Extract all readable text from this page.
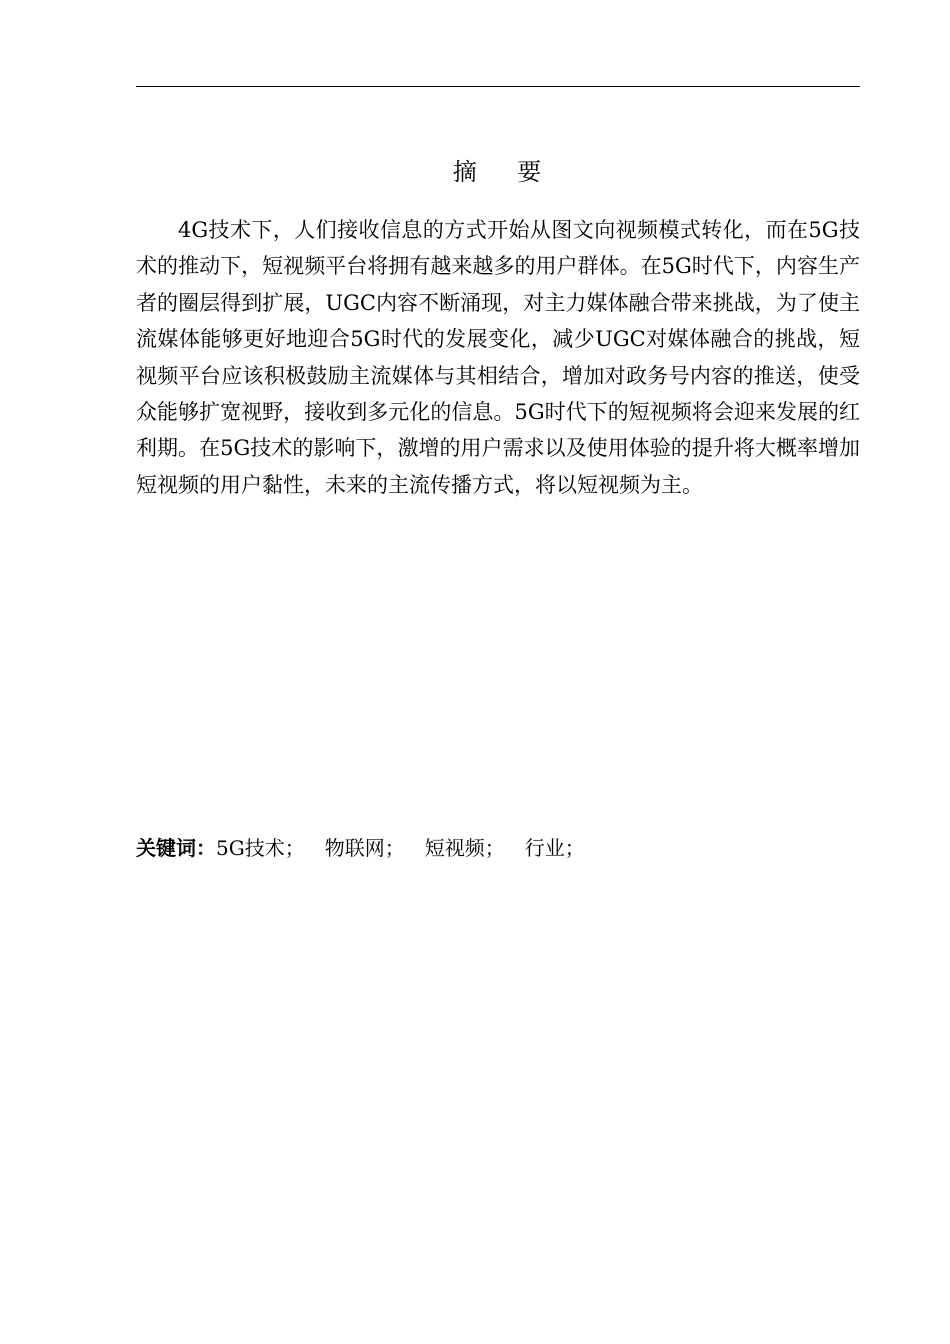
摘    要

4G技术下，人们接收信息的方式开始从图文向视频模式转化，而在5G技术的推动下，短视频平台将拥有越来越多的用户群体。在5G时代下，内容生产者的圈层得到扩展，UGC内容不断涌现，对主力媒体融合带来挑战，为了使主流媒体能够更好地迎合5G时代的发展变化，减少UGC对媒体融合的挑战，短视频平台应该积极鼓励主流媒体与其相结合，增加对政务号内容的推送，使受众能够扩宽视野，接收到多元化的信息。5G时代下的短视频将会迎来发展的红利期。在5G技术的影响下，激增的用户需求以及使用体验的提升将大概率增加短视频的用户黏性，未来的主流传播方式，将以短视频为主。

关键词：5G技术； 物联网； 短视频； 行业；
